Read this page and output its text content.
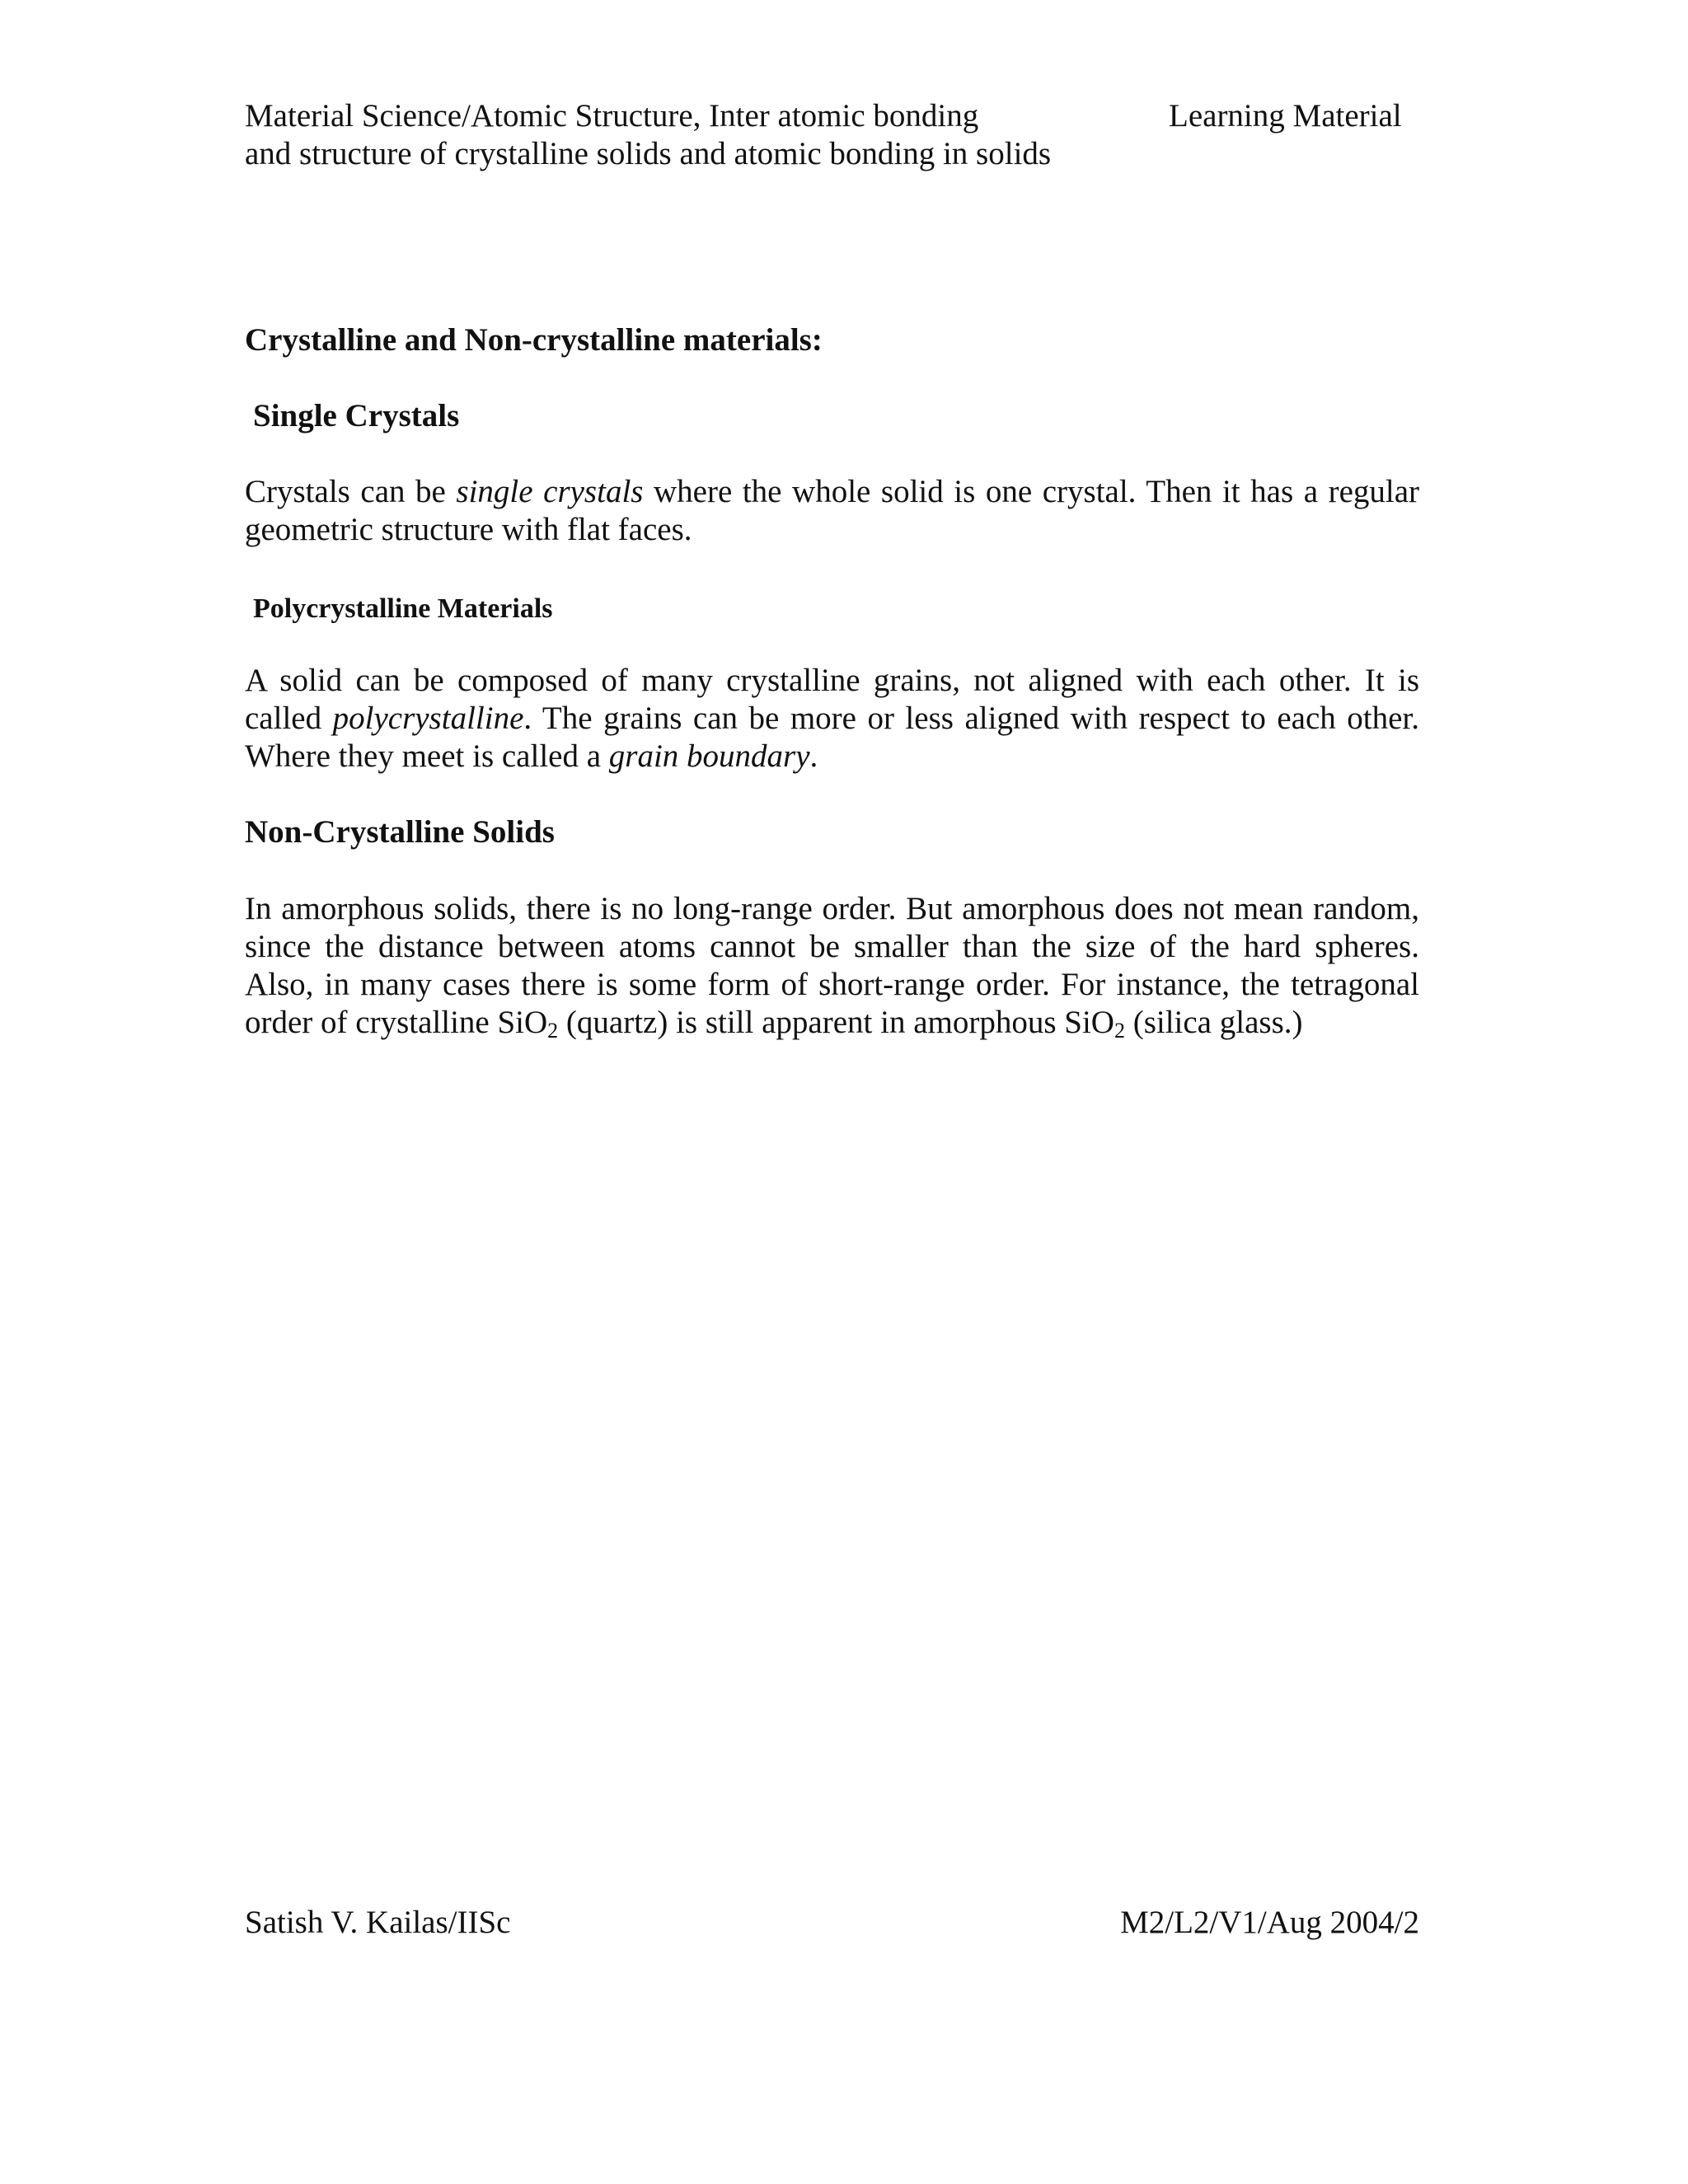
Material Science/Atomic Structure, Inter atomic bonding
and structure of crystalline solids and atomic bonding in solids
Learning Material
Crystalline and Non-crystalline materials:
Single Crystals
Crystals can be single crystals where the whole solid is one crystal. Then it has a regular
geometric structure with flat faces.
Polycrystalline Materials
A solid can be composed of many crystalline grains, not aligned with each other. It is
called polycrystalline. The grains can be more or less aligned with respect to each other.
Where they meet is called a grain boundary.
Non-Crystalline Solids
In amorphous solids, there is no long-range order. But amorphous does not mean random,
since the distance between atoms cannot be smaller than the size of the hard spheres.
Also, in many cases there is some form of short-range order. For instance, the tetragonal
order of crystalline SiO$_2$ (quartz) is still apparent in amorphous SiO$_2$ (silica glass.)
Satish V. Kailas/IISc	M2/L2/V1/Aug 2004/2
